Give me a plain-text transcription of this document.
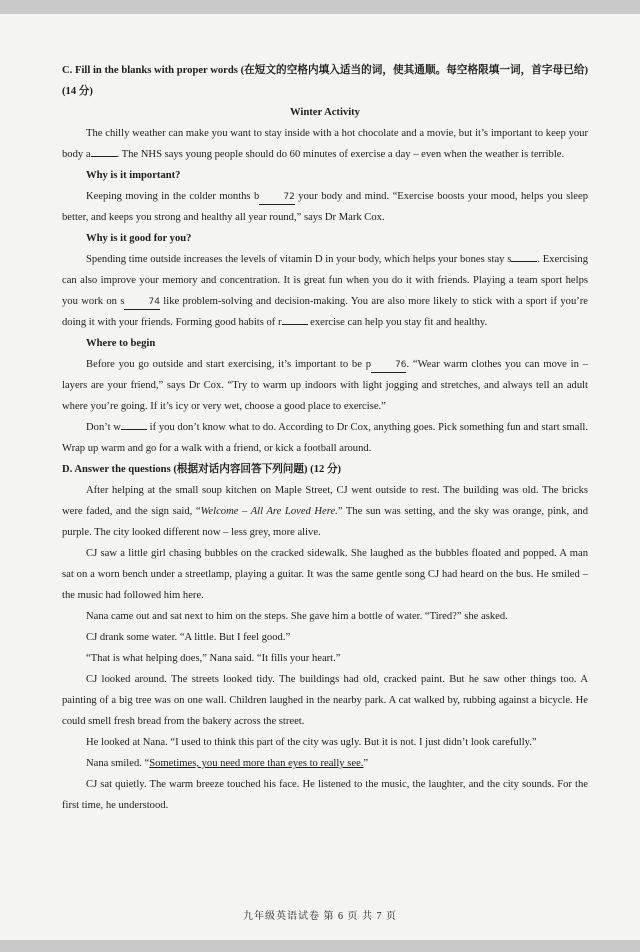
C. Fill in the blanks with proper words (在短文的空格内填入适当的词，使其通顺。每空格限填一词，首字母已给) (14 分)

Winter Activity

The chilly weather can make you want to stay inside with a hot chocolate and a movie, but it’s important to keep your body a . The NHS says young people should do 60 minutes of exercise a day – even when the weather is terrible.

Why is it important?

Keeping moving in the colder months b	72 your body and mind. “Exercise boosts your mood, helps you sleep better, and keeps you strong and healthy all year round,” says Dr Mark Cox.

Why is it good for you?

Spending time outside increases the levels of vitamin D in your body, which helps your bones stay s . Exercising can also improve your memory and concentration. It is great fun when you do it with friends. Playing a team sport helps you work on s	74 like problem-solving and decision-making. You are also more likely to stick with a sport if you’re doing it with your friends. Forming good habits of r exercise can help you stay fit and healthy.

Where to begin

Before you go outside and start exercising, it’s important to be p	76. “Wear warm clothes you can move in – layers are your friend,” says Dr Cox. “Try to warm up indoors with light jogging and stretches, and always tell an adult where you’re going. If it’s icy or very wet, choose a good place to exercise.”

Don’t w if you don’t know what to do. According to Dr Cox, anything goes. Pick something fun and start small. Wrap up warm and go for a walk with a friend, or kick a football around.

D. Answer the questions (根据对话内容回答下列问题) (12 分)

After helping at the small soup kitchen on Maple Street, CJ went outside to rest. The building was old. The bricks were faded, and the sign said, “Welcome – All Are Loved Here.” The sun was setting, and the sky was orange, pink, and purple. The city looked different now – less grey, more alive.

CJ saw a little girl chasing bubbles on the cracked sidewalk. She laughed as the bubbles floated and popped. A man sat on a worn bench under a streetlamp, playing a guitar. It was the same gentle song CJ had heard on the bus. He smiled – the music had followed him here.

Nana came out and sat next to him on the steps. She gave him a bottle of water. “Tired?” she asked.

CJ drank some water. “A little. But I feel good.”

“That is what helping does,” Nana said. “It fills your heart.”

CJ looked around. The streets looked tidy. The buildings had old, cracked paint. But he saw other things too. A painting of a big tree was on one wall. Children laughed in the nearby park. A cat walked by, rubbing against a bicycle. He could smell fresh bread from the bakery across the street.

He looked at Nana. “I used to think this part of the city was ugly. But it is not. I just didn’t look carefully.”

Nana smiled. “Sometimes, you need more than eyes to really see.”

CJ sat quietly. The warm breeze touched his face. He listened to the music, the laughter, and the city sounds. For the first time, he understood.

九年级英语试卷 第 6 页 共 7 页
